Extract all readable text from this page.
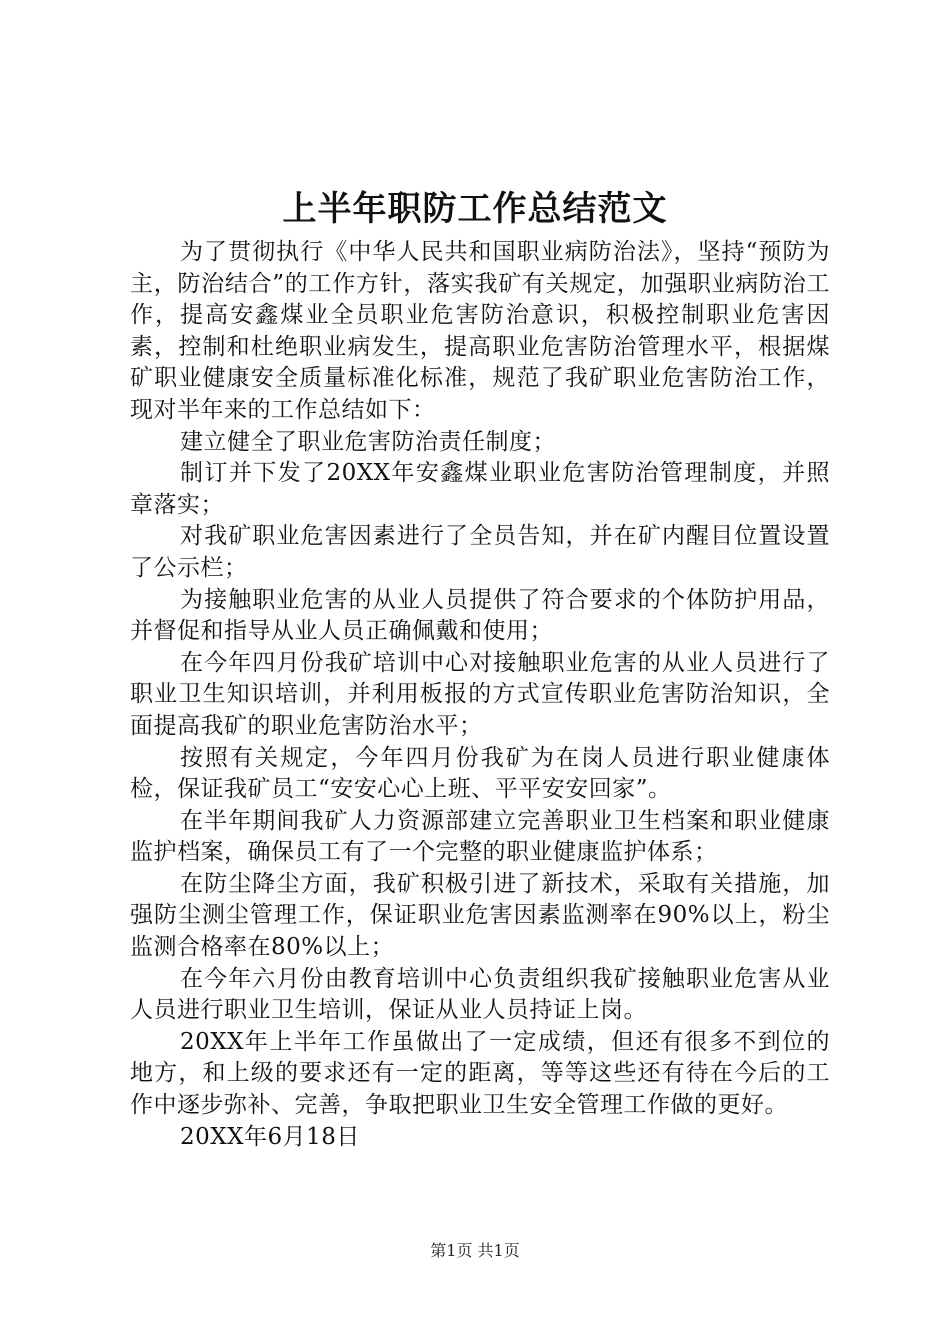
上半年职防工作总结范文

为了贯彻执行《中华人民共和国职业病防治法》，坚持“预防为主，防治结合”的工作方针，落实我矿有关规定，加强职业病防治工作，提高安鑫煤业全员职业危害防治意识，积极控制职业危害因素，控制和杜绝职业病发生，提高职业危害防治管理水平，根据煤矿职业健康安全质量标准化标准，规范了我矿职业危害防治工作，现对半年来的工作总结如下：

建立健全了职业危害防治责任制度；

制订并下发了20XX年安鑫煤业职业危害防治管理制度，并照章落实；

对我矿职业危害因素进行了全员告知，并在矿内醒目位置设置了公示栏；

为接触职业危害的从业人员提供了符合要求的个体防护用品，并督促和指导从业人员正确佩戴和使用；

在今年四月份我矿培训中心对接触职业危害的从业人员进行了职业卫生知识培训，并利用板报的方式宣传职业危害防治知识，全面提高我矿的职业危害防治水平；

按照有关规定，今年四月份我矿为在岗人员进行职业健康体检，保证我矿员工“安安心心上班、平平安安回家”。

在半年期间我矿人力资源部建立完善职业卫生档案和职业健康监护档案，确保员工有了一个完整的职业健康监护体系；

在防尘降尘方面，我矿积极引进了新技术，采取有关措施，加强防尘测尘管理工作，保证职业危害因素监测率在90%以上，粉尘监测合格率在80%以上；

在今年六月份由教育培训中心负责组织我矿接触职业危害从业人员进行职业卫生培训，保证从业人员持证上岗。

20XX年上半年工作虽做出了一定成绩，但还有很多不到位的地方，和上级的要求还有一定的距离，等等这些还有待在今后的工作中逐步弥补、完善，争取把职业卫生安全管理工作做的更好。

20XX年6月18日

第1页 共1页
